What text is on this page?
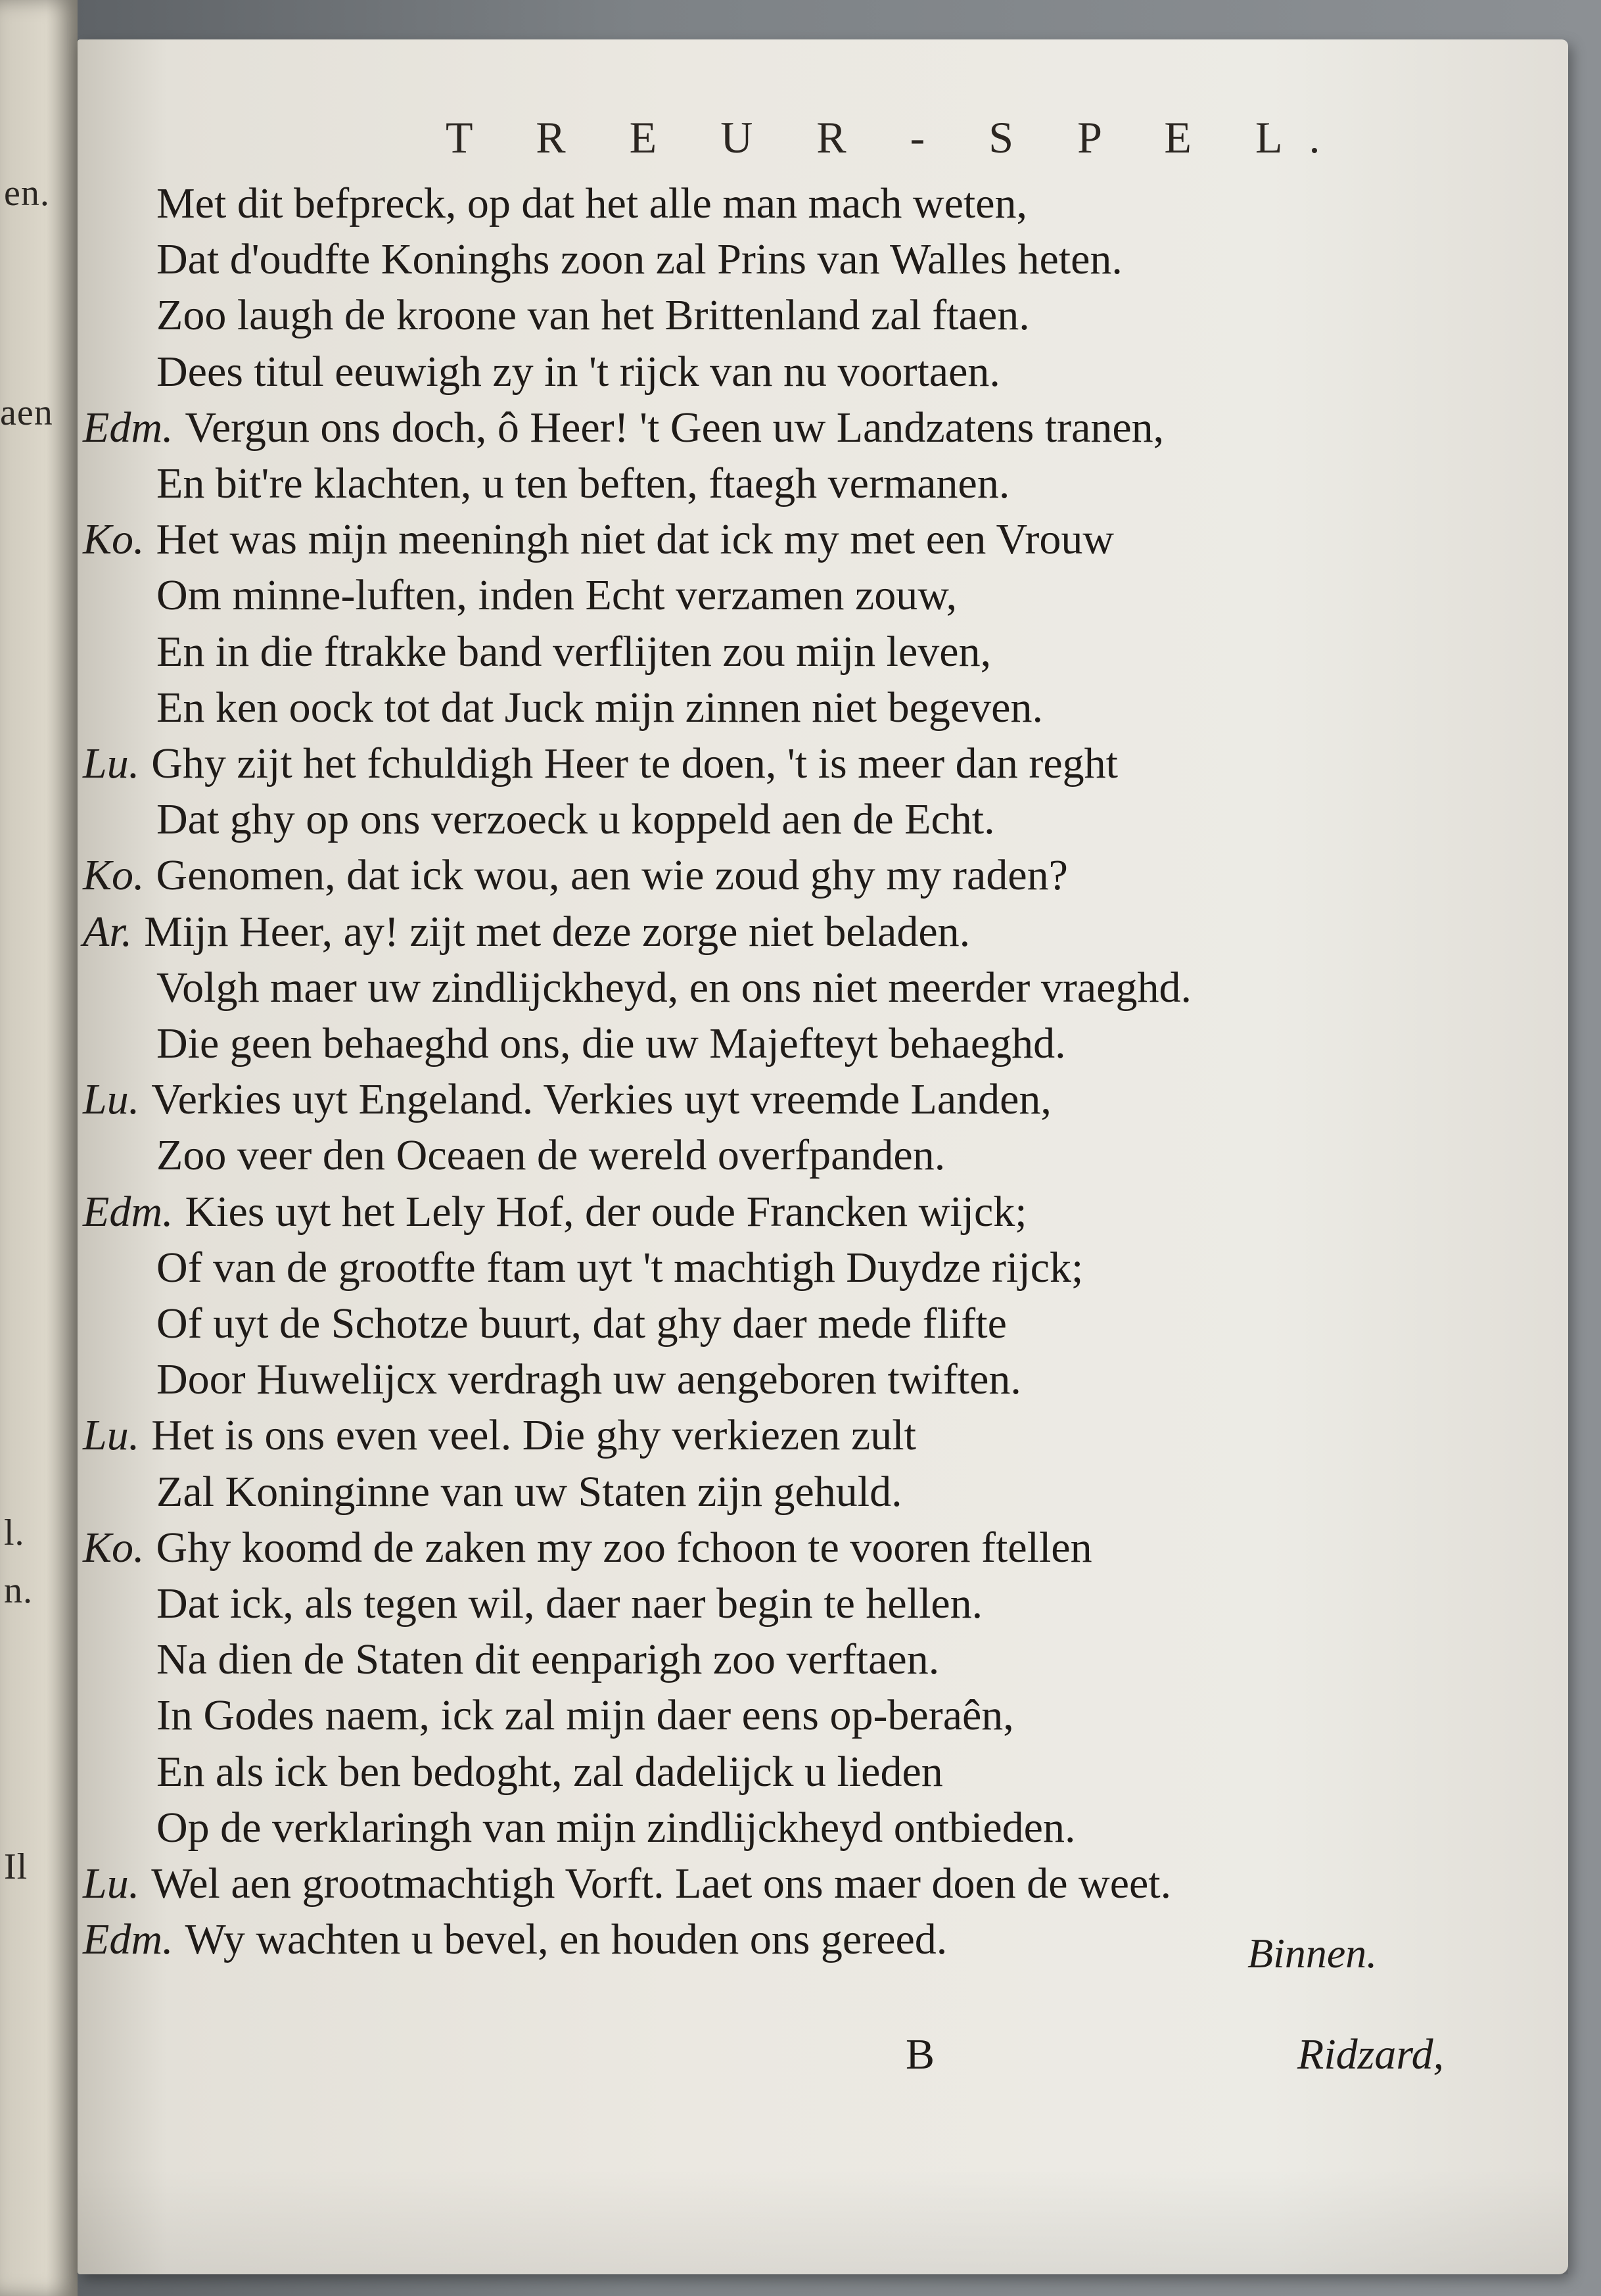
en.
aen
l.
n.
Il
T R E U R - S P E L.
Met dit befpreck, op dat het alle man mach weten,
Dat d'oudfte Koninghs zoon zal Prins van Walles heten.
Zoo laugh de kroone van het Brittenland zal ftaen.
Dees titul eeuwigh zy in 't rijck van nu voortaen.
Edm. Vergun ons doch, ô Heer! 't Geen uw Landzatens tranen,
En bit're klachten, u ten beften, ftaegh vermanen.
Ko. Het was mijn meeningh niet dat ick my met een Vrouw
Om minne-luften, inden Echt verzamen zouw,
En in die ftrakke band verflijten zou mijn leven,
En ken oock tot dat Juck mijn zinnen niet begeven.
Lu. Ghy zijt het fchuldigh Heer te doen, 't is meer dan reght
Dat ghy op ons verzoeck u koppeld aen de Echt.
Ko. Genomen, dat ick wou, aen wie zoud ghy my raden?
Ar. Mijn Heer, ay! zijt met deze zorge niet beladen.
Volgh maer uw zindlijckheyd, en ons niet meerder vraeghd.
Die geen behaeghd ons, die uw Majefteyt behaeghd.
Lu. Verkies uyt Engeland. Verkies uyt vreemde Landen,
Zoo veer den Oceaen de wereld overfpanden.
Edm. Kies uyt het Lely Hof, der oude Francken wijck;
Of van de grootfte ftam uyt 't machtigh Duydze rijck;
Of uyt de Schotze buurt, dat ghy daer mede flifte
Door Huwelijcx verdragh uw aengeboren twiften.
Lu. Het is ons even veel. Die ghy verkiezen zult
Zal Koninginne van uw Staten zijn gehuld.
Ko. Ghy koomd de zaken my zoo fchoon te vooren ftellen
Dat ick, als tegen wil, daer naer begin te hellen.
Na dien de Staten dit eenparigh zoo verftaen.
In Godes naem, ick zal mijn daer eens op-beraên,
En als ick ben bedoght, zal dadelijck u lieden
Op de verklaringh van mijn zindlijckheyd ontbieden.
Lu. Wel aen grootmachtigh Vorft. Laet ons maer doen de weet.
Edm. Wy wachten u bevel, en houden ons gereed.	Binnen.
B	Ridzard,
